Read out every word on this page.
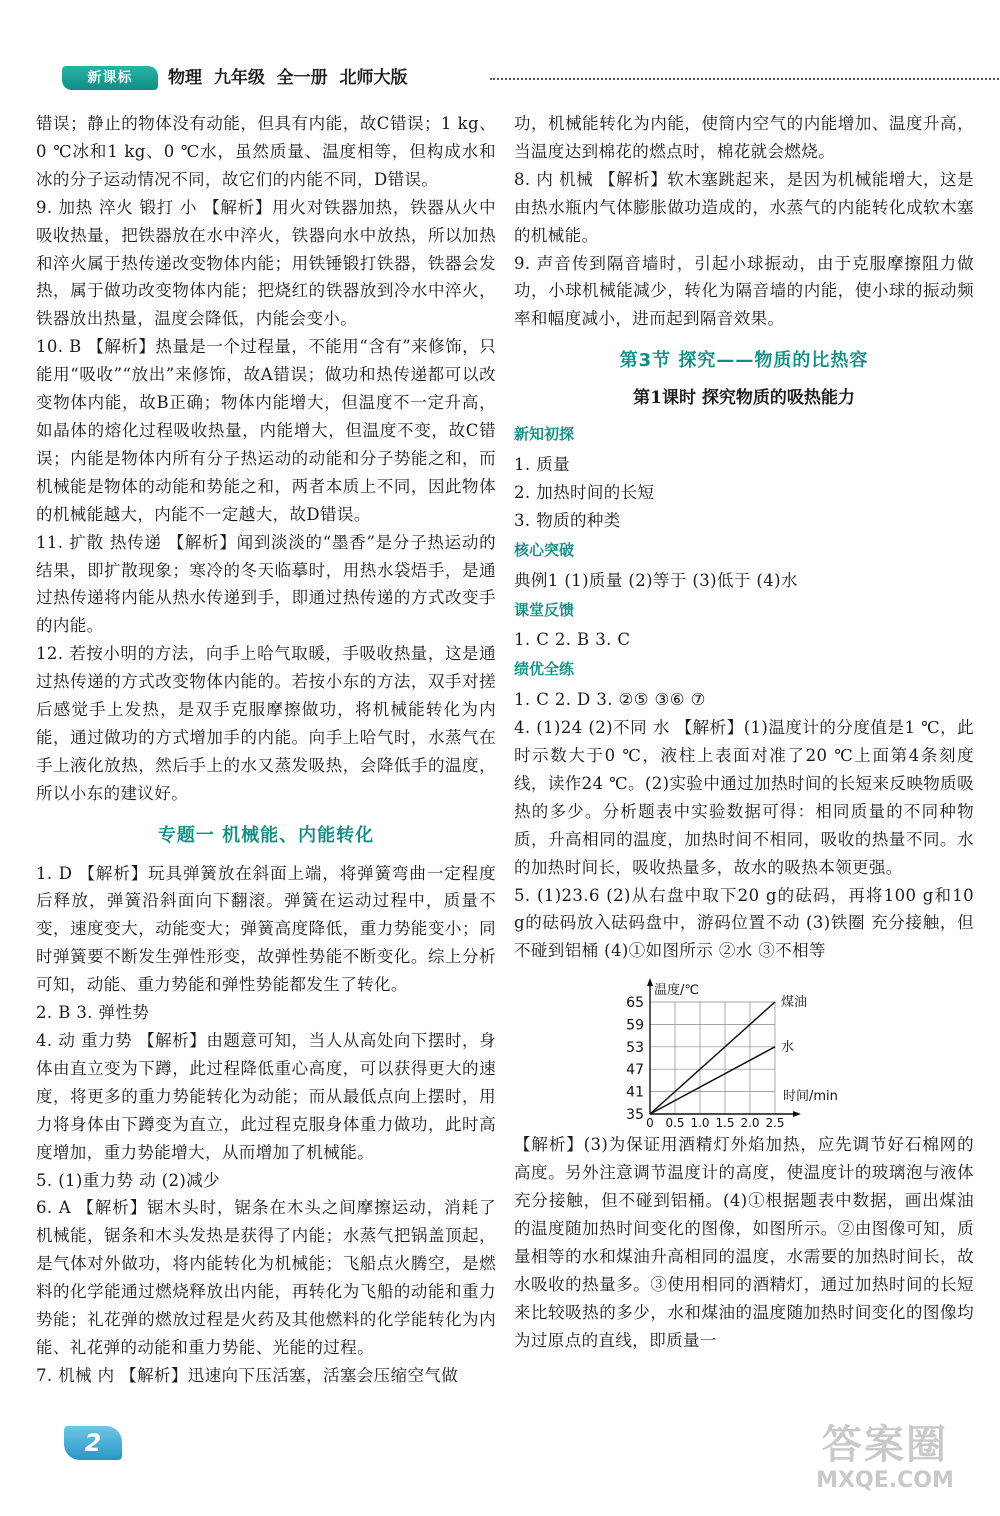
新课标	物理  九年级  全一册  北师大版

错误；静止的物体没有动能，但具有内能，故C错误；1 kg、0 ℃冰和1 kg、0 ℃水，虽然质量、温度相等，但构成水和冰的分子运动情况不同，故它们的内能不同，D错误。

9. 加热 淬火 锻打 小 【解析】用火对铁器加热，铁器从火中吸收热量，把铁器放在水中淬火，铁器向水中放热，所以加热和淬火属于热传递改变物体内能；用铁锤锻打铁器，铁器会发热，属于做功改变物体内能；把烧红的铁器放到冷水中淬火，铁器放出热量，温度会降低，内能会变小。

10. B 【解析】热量是一个过程量，不能用“含有”来修饰，只能用“吸收”“放出”来修饰，故A错误；做功和热传递都可以改变物体内能，故B正确；物体内能增大，但温度不一定升高，如晶体的熔化过程吸收热量，内能增大，但温度不变，故C错误；内能是物体内所有分子热运动的动能和分子势能之和，而机械能是物体的动能和势能之和，两者本质上不同，因此物体的机械能越大，内能不一定越大，故D错误。

11. 扩散 热传递 【解析】闻到淡淡的“墨香”是分子热运动的结果，即扩散现象；寒冷的冬天临摹时，用热水袋焐手，是通过热传递将内能从热水传递到手，即通过热传递的方式改变手的内能。

12. 若按小明的方法，向手上哈气取暖，手吸收热量，这是通过热传递的方式改变物体内能的。若按小东的方法，双手对搓后感觉手上发热，是双手克服摩擦做功，将机械能转化为内能，通过做功的方式增加手的内能。向手上哈气时，水蒸气在手上液化放热，然后手上的水又蒸发吸热，会降低手的温度，所以小东的建议好。

专题一 机械能、内能转化

1. D 【解析】玩具弹簧放在斜面上端，将弹簧弯曲一定程度后释放，弹簧沿斜面向下翻滚。弹簧在运动过程中，质量不变，速度变大，动能变大；弹簧高度降低，重力势能变小；同时弹簧要不断发生弹性形变，故弹性势能不断变化。综上分析可知，动能、重力势能和弹性势能都发生了转化。

2. B 3. 弹性势

4. 动 重力势 【解析】由题意可知，当人从高处向下摆时，身体由直立变为下蹲，此过程降低重心高度，可以获得更大的速度，将更多的重力势能转化为动能；而从最低点向上摆时，用力将身体由下蹲变为直立，此过程克服身体重力做功，此时高度增加，重力势能增大，从而增加了机械能。

5. (1)重力势 动 (2)减少

6. A 【解析】锯木头时，锯条在木头之间摩擦运动，消耗了机械能，锯条和木头发热是获得了内能；水蒸气把锅盖顶起，是气体对外做功，将内能转化为机械能；飞船点火腾空，是燃料的化学能通过燃烧释放出内能，再转化为飞船的动能和重力势能；礼花弹的燃放过程是火药及其他燃料的化学能转化为内能、礼花弹的动能和重力势能、光能的过程。

7. 机械 内 【解析】迅速向下压活塞，活塞会压缩空气做

功，机械能转化为内能，使筒内空气的内能增加、温度升高，当温度达到棉花的燃点时，棉花就会燃烧。

8. 内 机械 【解析】软木塞跳起来，是因为机械能增大，这是由热水瓶内气体膨胀做功造成的，水蒸气的内能转化成软木塞的机械能。

9. 声音传到隔音墙时，引起小球振动，由于克服摩擦阻力做功，小球机械能减少，转化为隔音墙的内能，使小球的振动频率和幅度减小，进而起到隔音效果。

第3节 探究——物质的比热容
第1课时 探究物质的吸热能力
新知初探

1. 质量

2. 加热时间的长短

3. 物质的种类

核心突破

典例1 (1)质量 (2)等于 (3)低于 (4)水

课堂反馈

1. C 2. B 3. C

绩优全练

1. C 2. D 3. ②⑤ ③⑥ ⑦

4. (1)24 (2)不同 水 【解析】(1)温度计的分度值是1 ℃，此时示数大于0 ℃，液柱上表面对准了20 ℃上面第4条刻度线，读作24 ℃。(2)实验中通过加热时间的长短来反映物质吸热的多少。分析题表中实验数据可得：相同质量的不同种物质，升高相同的温度，加热时间不相同，吸收的热量不同。水的加热时间长，吸收热量多，故水的吸热本领更强。

5. (1)23.6 (2)从右盘中取下20 g的砝码，再将100 g和10 g的砝码放入砝码盘中，游码位置不动 (3)铁圈 充分接触，但不碰到铝桶 (4)①如图所示 ②水 ③不相等

35
41
47
53
59
65
0 0.5 1.0 1.5 2.0 2.5
温度/℃
时间/min
煤油
水

【解析】(3)为保证用酒精灯外焰加热，应先调节好石棉网的高度。另外注意调节温度计的高度，使温度计的玻璃泡与液体充分接触，但不碰到铝桶。(4)①根据题表中数据，画出煤油的温度随加热时间变化的图像，如图所示。②由图像可知，质量相等的水和煤油升高相同的温度，水需要的加热时间长，故水吸收的热量多。③使用相同的酒精灯，通过加热时间的长短来比较吸热的多少，水和煤油的温度随加热时间变化的图像均为过原点的直线，即质量一

2	答案圈
MXQE.COM
